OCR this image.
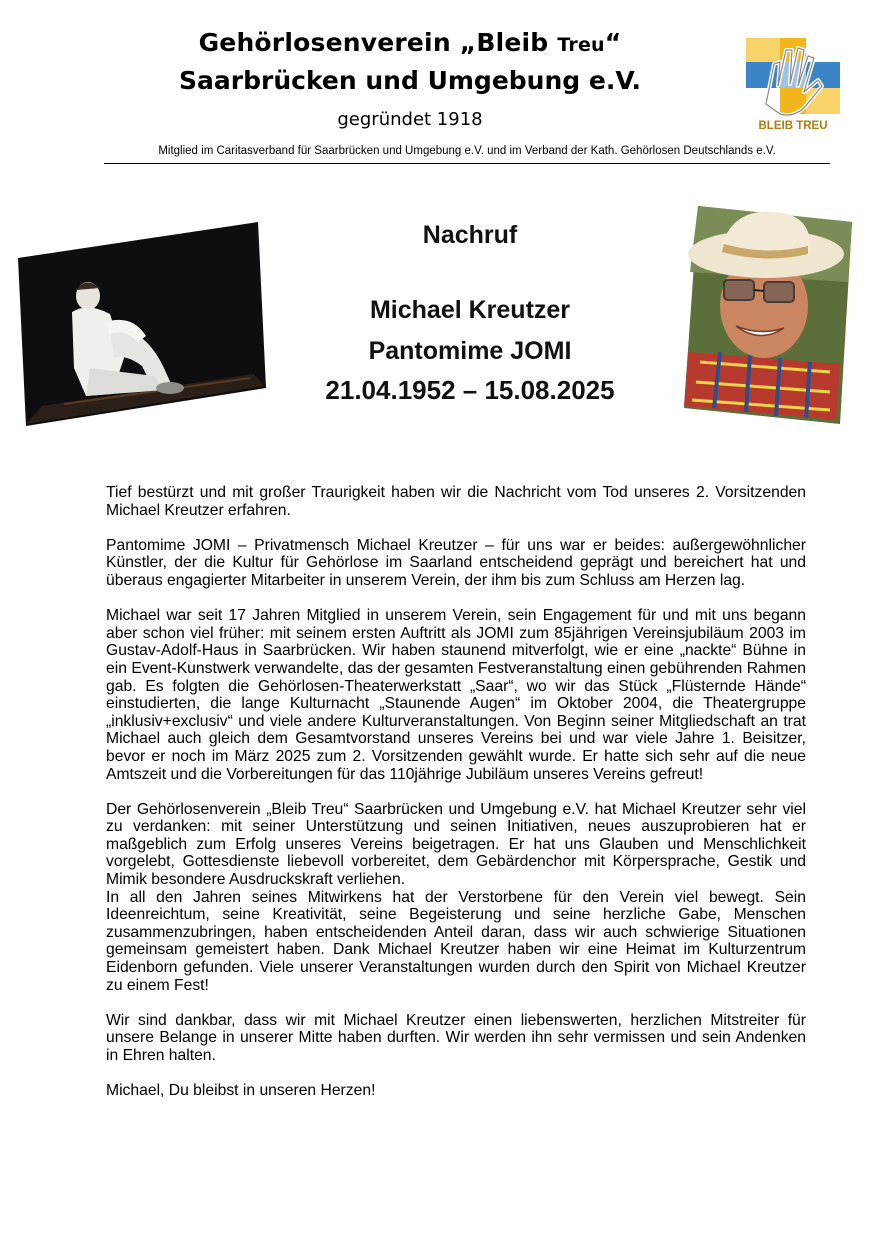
Gehörlosenverein „Bleib Treu“
Saarbrücken und Umgebung e.V.
gegründet 1918
Mitglied im Caritasverband für Saarbrücken und Umgebung e.V. und im Verband der Kath. Gehörlosen Deutschlands e.V.
BLEIB TREU
Nachruf
Michael Kreutzer
Pantomime JOMI
21.04.1952 – 15.08.2025

Tief bestürzt und mit großer Traurigkeit haben wir die Nachricht vom Tod unseres 2. Vorsitzenden Michael Kreutzer erfahren.

Pantomime JOMI – Privatmensch Michael Kreutzer – für uns war er beides: außergewöhnlicher Künstler, der die Kultur für Gehörlose im Saarland entscheidend geprägt und bereichert hat und überaus engagierter Mitarbeiter in unserem Verein, der ihm bis zum Schluss am Herzen lag.

Michael war seit 17 Jahren Mitglied in unserem Verein, sein Engagement für und mit uns begann aber schon viel früher: mit seinem ersten Auftritt als JOMI zum 85jährigen Vereinsjubiläum 2003 im Gustav-Adolf-Haus in Saarbrücken. Wir haben staunend mitverfolgt, wie er eine „nackte“ Bühne in ein Event-Kunstwerk verwandelte, das der gesamten Festveranstaltung einen gebührenden Rahmen gab. Es folgten die Gehörlosen-Theaterwerkstatt „Saar“, wo wir das Stück „Flüsternde Hände“ einstudierten, die lange Kulturnacht „Staunende Augen“ im Oktober 2004, die Theatergruppe „inklusiv+exclusiv“ und viele andere Kulturveranstaltungen. Von Beginn seiner Mitgliedschaft an trat Michael auch gleich dem Gesamtvorstand unseres Vereins bei und war viele Jahre 1. Beisitzer, bevor er noch im März 2025 zum 2. Vorsitzenden gewählt wurde. Er hatte sich sehr auf die neue Amtszeit und die Vorbereitungen für das 110jährige Jubiläum unseres Vereins gefreut!

Der Gehörlosenverein „Bleib Treu“ Saarbrücken und Umgebung e.V. hat Michael Kreutzer sehr viel zu verdanken: mit seiner Unterstützung und seinen Initiativen, neues auszuprobieren hat er maßgeblich zum Erfolg unseres Vereins beigetragen. Er hat uns Glauben und Menschlichkeit vorgelebt, Gottesdienste liebevoll vorbereitet, dem Gebärdenchor mit Körpersprache, Gestik und Mimik besondere Ausdruckskraft verliehen.

In all den Jahren seines Mitwirkens hat der Verstorbene für den Verein viel bewegt. Sein Ideenreichtum, seine Kreativität, seine Begeisterung und seine herzliche Gabe, Menschen zusammenzubringen, haben entscheidenden Anteil daran, dass wir auch schwierige Situationen gemeinsam gemeistert haben. Dank Michael Kreutzer haben wir eine Heimat im Kulturzentrum Eidenborn gefunden. Viele unserer Veranstaltungen wurden durch den Spirit von Michael Kreutzer zu einem Fest!

Wir sind dankbar, dass wir mit Michael Kreutzer einen liebenswerten, herzlichen Mitstreiter für unsere Belange in unserer Mitte haben durften. Wir werden ihn sehr vermissen und sein Andenken in Ehren halten.

Michael, Du bleibst in unseren Herzen!
